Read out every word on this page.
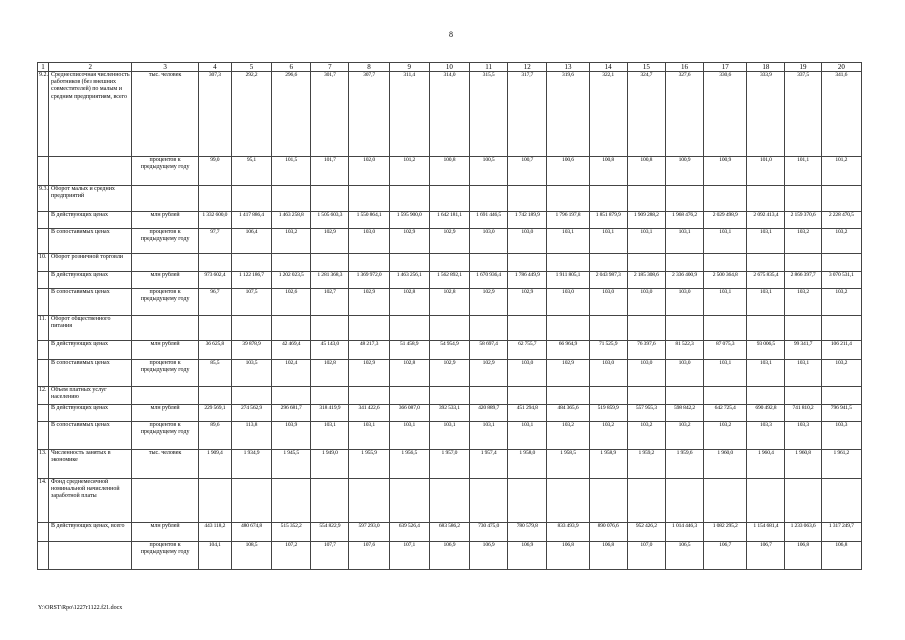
8
1	2	3	4	5	6	7	8	9	10	11	12	13	14	15	16	17	18	19	20
9.2.	Среднесписочная численность работников (без внешних совместителей) по малым и средним предприятиям, всего	тыс. человек	307,3	292,2	296,6	301,7	307,7	311,4	314,0	315,5	317,7	319,6	322,1	324,7	327,6	330,6	333,9	337,5	341,6
		процентов к предыдущему году	99,0	95,1	101,5	101,7	102,0	101,2	100,8	100,5	100,7	100,6	100,8	100,8	100,9	100,9	101,0	101,1	101,2
9.3.	Оборот малых и средних предприятий																		
	В действующих ценах	млн рублей	1 332 600,0	1 417 886,4	1 463 258,8	1 505 603,3	1 550 864,1	1 595 900,0	1 642 181,1	1 691 446,5	1 742 189,9	1 796 197,8	1 851 879,9	1 909 288,2	1 968 476,2	2 029 498,9	2 092 413,4	2 159 370,6	2 228 470,5
	В сопоставимых ценах	процентов к предыдущему году	97,7	106,4	103,2	102,9	103,0	102,9	102,9	103,0	103,0	103,1	103,1	103,1	103,1	103,1	103,1	103,2	103,2
10.	Оборот розничной торговли																		
	В действующих ценах	млн рублей	973 602,4	1 122 186,7	1 202 023,5	1 281 368,3	1 369 972,0	1 463 256,1	1 562 892,1	1 670 936,4	1 786 449,9	1 911 805,1	2 043 987,3	2 185 308,6	2 336 400,9	2 500 364,8	2 675 835,4	2 866 397,7	3 070 531,1
	В сопоставимых ценах	процентов к предыдущему году	96,7	107,5	102,6	102,7	102,9	102,8	102,8	102,9	102,9	103,0	103,0	103,0	103,0	103,1	103,1	103,2	103,2
11.	Оборот общественного питания																		
	В действующих ценах	млн рублей	36 625,8	39 878,9	42 469,4	45 143,0	48 217,3	51 458,9	54 954,9	58 697,4	62 755,7	66 964,9	71 525,9	76 397,6	81 522,3	87 075,3	93 006,5	99 341,7	106 211,4
	В сопоставимых ценах	процентов к предыдущему году	85,5	103,5	102,4	102,8	102,9	102,8	102,9	102,9	103,0	102,9	103,0	103,0	103,0	103,1	103,1	103,1	103,2
12.	Объем платных услуг населению																		
	В действующих ценах	млн рублей	229 569,1	274 562,9	296 681,7	318 419,9	341 422,6	366 087,0	392 533,1	420 889,7	451 294,8	484 365,6	519 859,9	557 955,3	598 842,2	642 725,4	690 492,8	741 810,2	796 941,5
	В сопоставимых ценах	процентов к предыдущему году	89,6	113,8	103,9	103,1	103,1	103,1	103,1	103,1	103,1	103,2	103,2	103,2	103,2	103,2	103,3	103,3	103,3
13.	Численность занятых в экономике	тыс. человек	1 909,4	1 934,9	1 945,5	1 949,0	1 955,9	1 956,5	1 957,0	1 957,4	1 958,0	1 958,5	1 958,9	1 959,2	1 959,6	1 960,0	1 960,4	1 960,8	1 961,2
14.	Фонд среднемесячной номинальной начисленной заработной платы																		
	В действующих ценах, всего	млн рублей	443 118,2	480 674,8	515 352,2	554 822,9	597 293,0	639 526,4	683 586,2	730 475,0	780 579,8	833 493,9	890 076,6	952 426,2	1 014 446,3	1 082 295,2	1 154 681,4	1 233 063,6	1 317 249,7
		процентов к предыдущему году	104,1	108,5	107,2	107,7	107,6	107,1	106,9	106,9	106,9	106,8	106,8	107,0	106,5	106,7	106,7	106,8	106,8
Y:\ORST\Rpo\1227r1122.f21.docx
